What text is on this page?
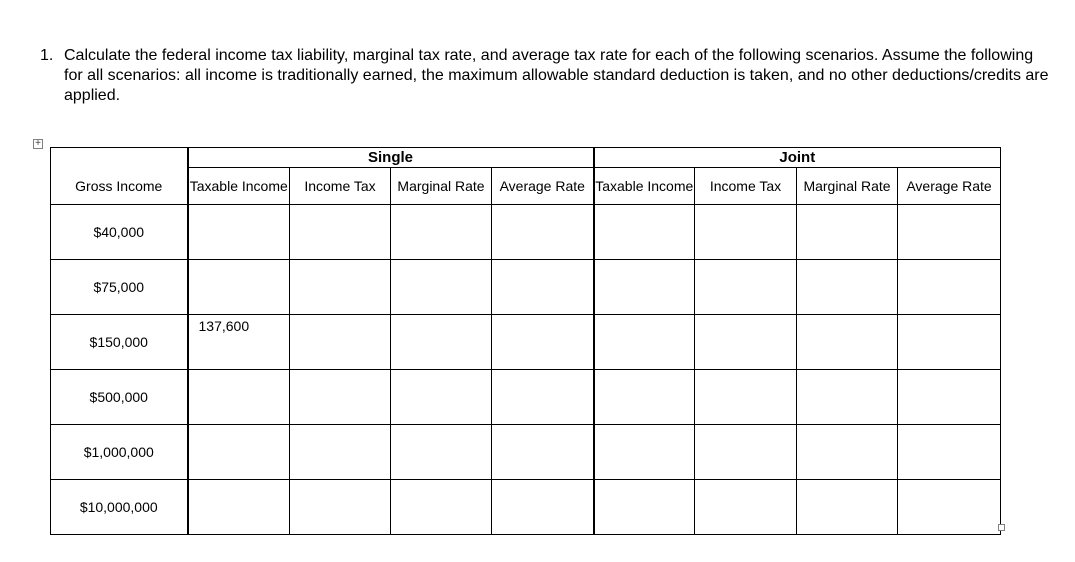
1. Calculate the federal income tax liability, marginal tax rate, and average tax rate for each of the following scenarios. Assume the following for all scenarios: all income is traditionally earned, the maximum allowable standard deduction is taken, and no other deductions/credits are applied.
+
	Single				Joint			
Gross Income	Taxable Income	Income Tax	Marginal Rate	Average Rate	Taxable Income	Income Tax	Marginal Rate	Average Rate
$40,000								
$75,000								
$150,000	137,600							
$500,000								
$1,000,000								
$10,000,000								
